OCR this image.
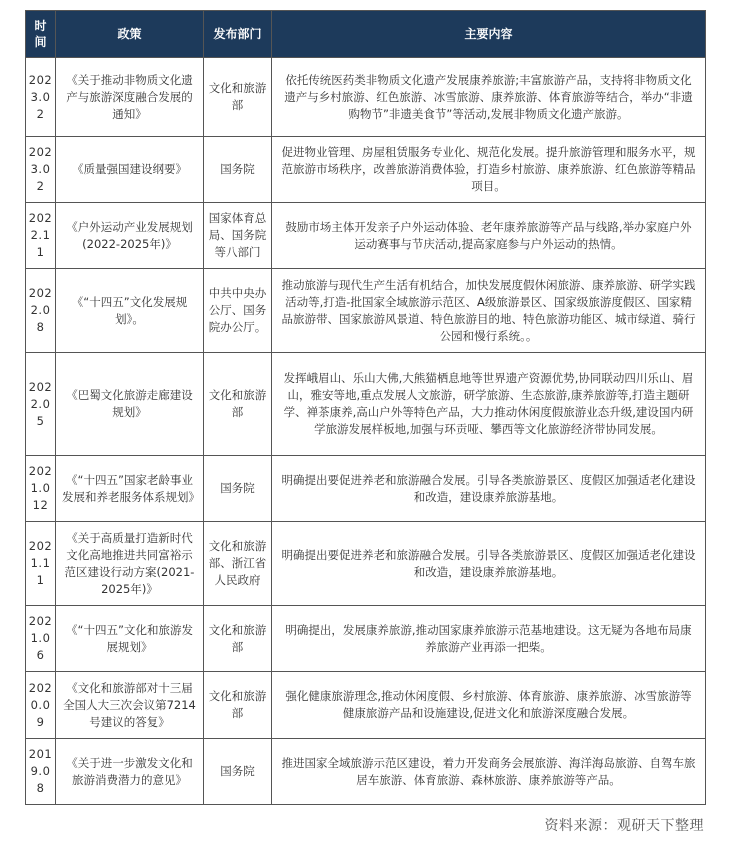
时间	政策	发布部门	主要内容
2023.02	《关于推动非物质文化遗产与旅游深度融合发展的通知》	文化和旅游部	依托传统医药类非物质文化遗产发展康养旅游;丰富旅游产品，支持将非物质文化遗产与乡村旅游、红色旅游、冰雪旅游、康养旅游、体育旅游等结合，举办“非遗购物节”非遗美食节”等活动,发展非物质文化遗产旅游。
2023.02	《质量强国建设纲要》	国务院	促进物业管理、房屋租赁服务专业化、规范化发展。提升旅游管理和服务水平，规范旅游市场秩序，改善旅游消费体验，打造乡村旅游、康养旅游、红色旅游等精品项目。
2022.11	《户外运动产业发展规划(2022-2025年)》	国家体育总局、国务院等八部门	鼓励市场主体开发亲子户外运动体验、老年康养旅游等产品与线路,举办家庭户外运动赛事与节庆活动,提高家庭参与户外运动的热情。
2022.08	《“十四五”文化发展规划》。	中共中央办公厅、国务院办公厅。	推动旅游与现代生产生活有机结合，加快发展度假休闲旅游、康养旅游、研学实践活动等,打造-批国家全域旅游示范区、A级旅游景区、国家级旅游度假区、国家精品旅游带、国家旅游风景道、特色旅游目的地、特色旅游功能区、城市绿道、骑行公园和慢行系统。。
2022.05	《巴蜀文化旅游走廊建设规划》	文化和旅游部	发挥峨眉山、乐山大佛,大熊猫栖息地等世界遗产资源优势,协同联动四川乐山、眉山，雅安等地,重点发展人文旅游，研学旅游、生态旅游,康养旅游等,打造主题研学、禅茶康养,高山户外等特色产品，大力推动休闲度假旅游业态升级,建设国内研学旅游发展样板地,加强与环贡哑、攀西等文化旅游经济带协同发展。
2021.012	《“十四五”国家老龄事业发展和养老服务体系规划》	国务院	明确提出要促进养老和旅游融合发展。引导各类旅游景区、度假区加强适老化建设和改造，建设康养旅游基地。
2021.11	《关于高质量打造新时代文化高地推进共同富裕示范区建设行动方案(2021-2025年)》	文化和旅游部、浙江省人民政府	明确提出要促进养老和旅游融合发展。引导各类旅游景区、度假区加强适老化建设和改造，建设康养旅游基地。
2021.06	《“十四五”文化和旅游发展规划》	文化和旅游部	明确提出，发展康养旅游,推动国家康养旅游示范基地建设。这无疑为各地布局康养旅游产业再添一把柴。
2020.09	《文化和旅游部对十三届全国人大三次会议第7214号建议的答复》	文化和旅游部	强化健康旅游理念,推动休闲度假、乡村旅游、体育旅游、康养旅游、冰雪旅游等健康旅游产品和设施建设,促进文化和旅游深度融合发展。
2019.08	《关于进一步激发文化和旅游消费潜力的意见》	国务院	推进国家全域旅游示范区建设，着力开发商务会展旅游、海洋海岛旅游、自驾车旅居车旅游、体育旅游、森林旅游、康养旅游等产品。
资料来源：观研天下整理
